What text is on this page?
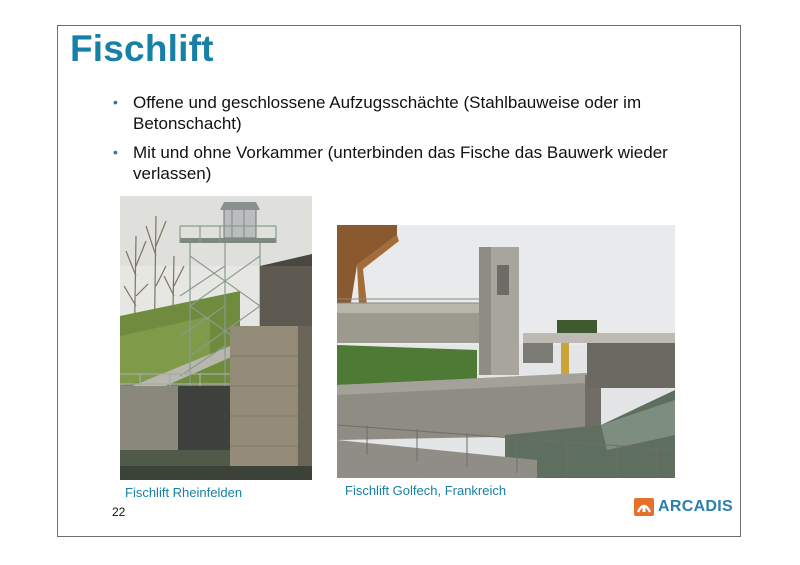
Fischlift
• Offene und geschlossene Aufzugsschächte (Stahlbauweise oder im Betonschacht)
• Mit und ohne Vorkammer (unterbinden das Fische das Bauwerk wieder verlassen)
Fischlift Rheinfelden	Fischlift Golfech, Frankreich
22	ARCADIS
